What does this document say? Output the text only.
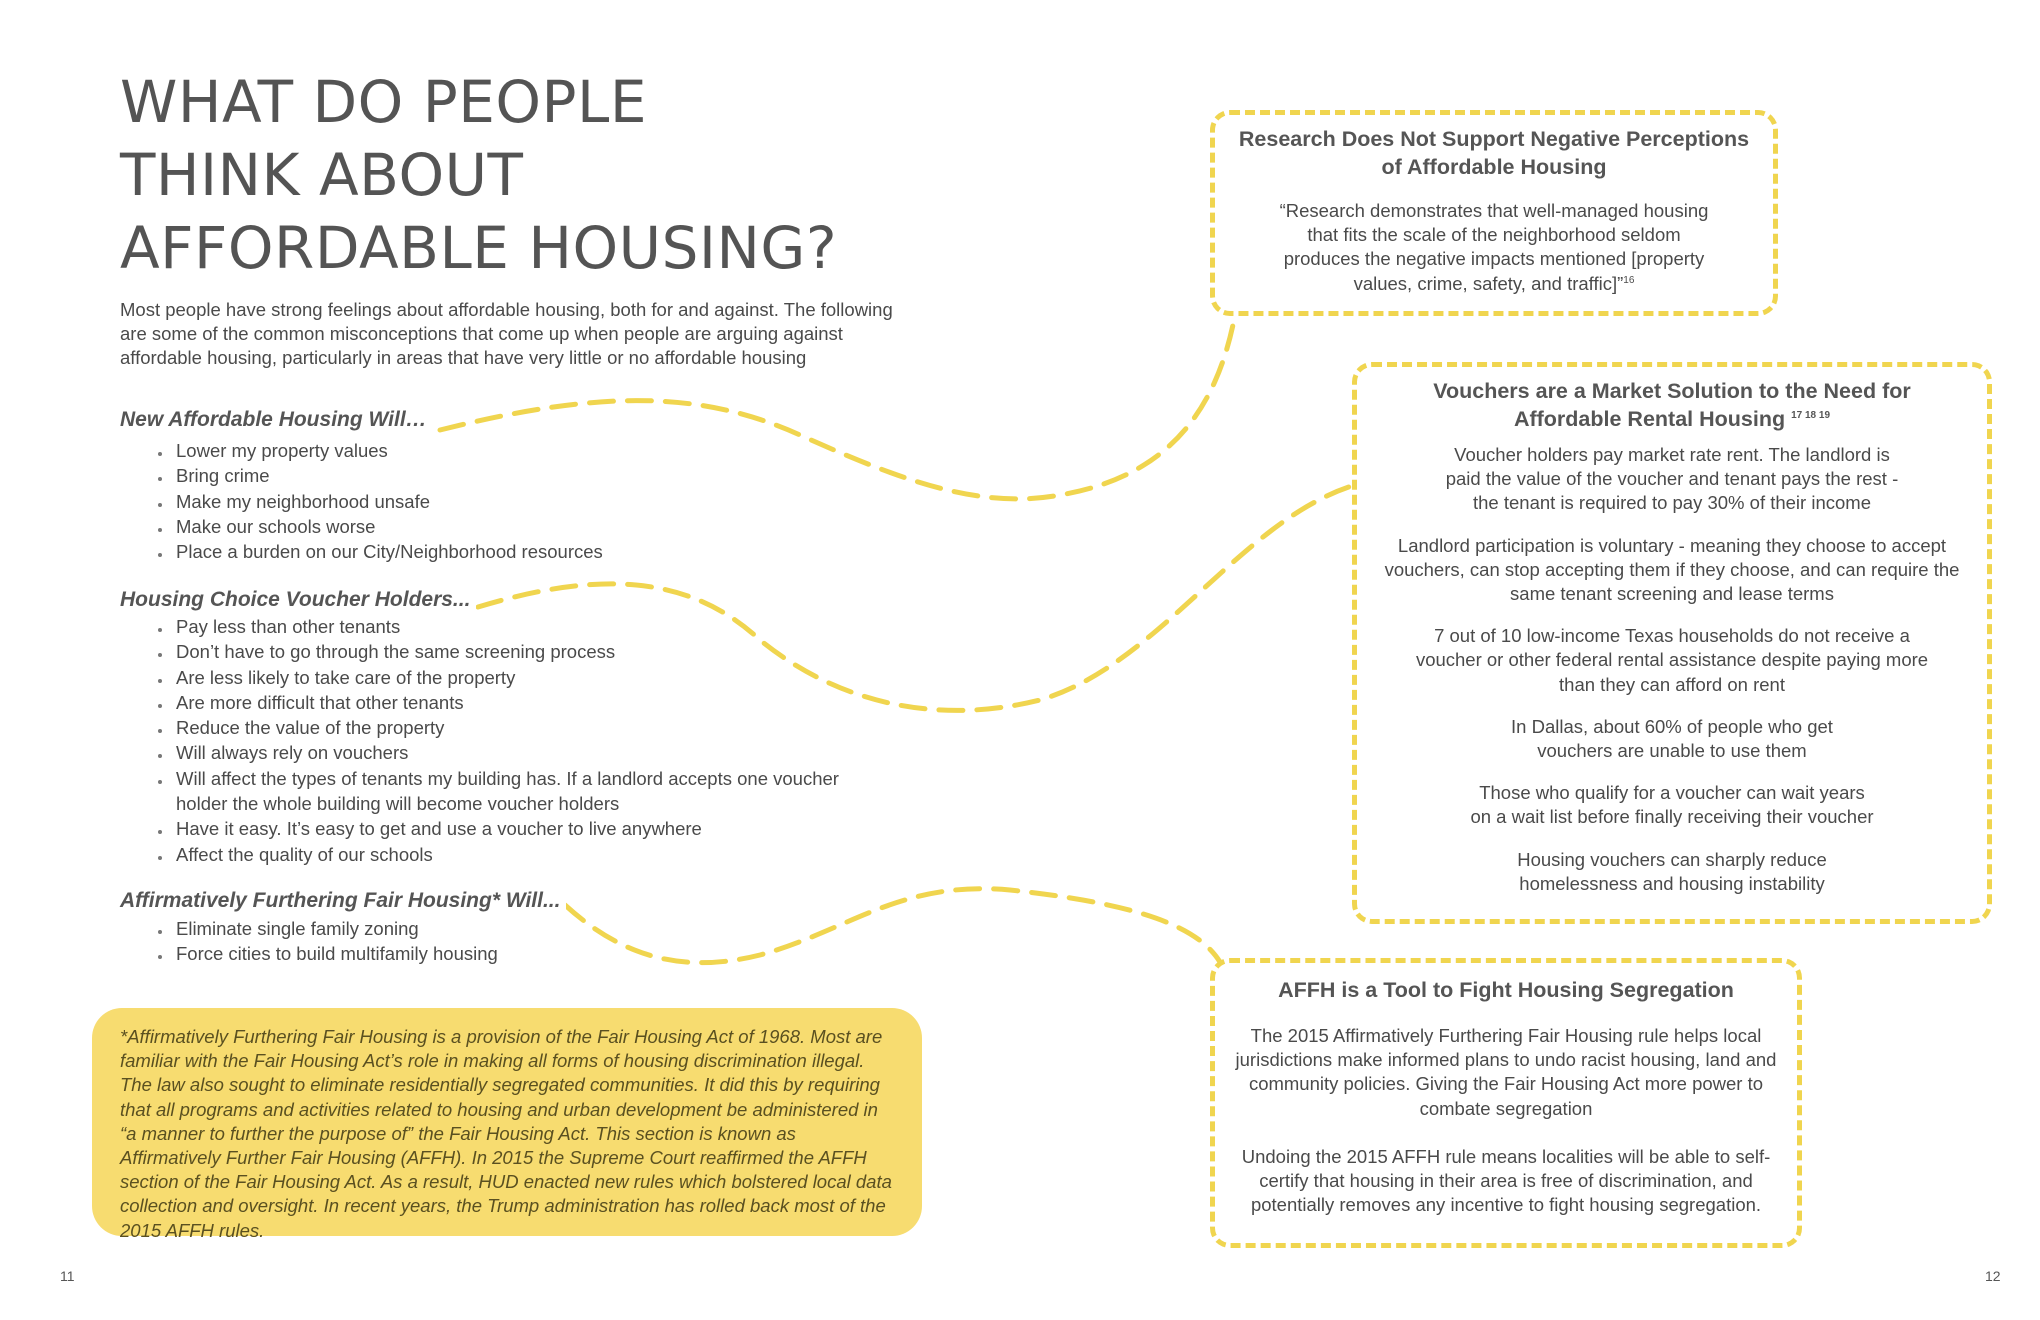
WHAT DO PEOPLE
THINK ABOUT
AFFORDABLE HOUSING?

Most people have strong feelings about affordable housing, both for and against. The following are some of the common misconceptions that come up when people are arguing against affordable housing, particularly in areas that have very little or no affordable housing

New Affordable Housing Will…
• Lower my property values
• Bring crime
• Make my neighborhood unsafe
• Make our schools worse
• Place a burden on our City/Neighborhood resources
Housing Choice Voucher Holders...
• Pay less than other tenants
• Don’t have to go through the same screening process
• Are less likely to take care of the property
• Are more difficult that other tenants
• Reduce the value of the property
• Will always rely on vouchers
• Will affect the types of tenants my building has. If a landlord accepts one voucher holder the whole building will become voucher holders
• Have it easy. It’s easy to get and use a voucher to live anywhere
• Affect the quality of our schools
Affirmatively Furthering Fair Housing* Will...
• Eliminate single family zoning
• Force cities to build multifamily housing
*Affirmatively Furthering Fair Housing is a provision of the Fair Housing Act of 1968. Most are familiar with the Fair Housing Act’s role in making all forms of housing discrimination illegal. The law also sought to eliminate residentially segregated communities. It did this by requiring that all programs and activities related to housing and urban development be administered in “a manner to further the purpose of” the Fair Housing Act. This section is known as Affirmatively Further Fair Housing (AFFH). In 2015 the Supreme Court reaffirmed the AFFH section of the Fair Housing Act. As a result, HUD enacted new rules which bolstered local data collection and oversight. In recent years, the Trump administration has rolled back most of the 2015 AFFH rules.
Research Does Not Support Negative Perceptions of Affordable Housing

“Research demonstrates that well-managed housing that fits the scale of the neighborhood seldom produces the negative impacts mentioned [property values, crime, safety, and traffic]”$^{16}$

Vouchers are a Market Solution to the Need for Affordable Rental Housing $^{17 18 19}$

Voucher holders pay market rate rent. The landlord is paid the value of the voucher and tenant pays the rest - the tenant is required to pay 30% of their income

Landlord participation is voluntary - meaning they choose to accept vouchers, can stop accepting them if they choose, and can require the same tenant screening and lease terms

7 out of 10 low-income Texas households do not receive a voucher or other federal rental assistance despite paying more than they can afford on rent

In Dallas, about 60% of people who get vouchers are unable to use them

Those who qualify for a voucher can wait years on a wait list before finally receiving their voucher

Housing vouchers can sharply reduce homelessness and housing instability

AFFH is a Tool to Fight Housing Segregation

The 2015 Affirmatively Furthering Fair Housing rule helps local jurisdictions make informed plans to undo racist housing, land and community policies. Giving the Fair Housing Act more power to combate segregation

Undoing the 2015 AFFH rule means localities will be able to self-certify that housing in their area is free of discrimination, and potentially removes any incentive to fight housing segregation.

11	12
